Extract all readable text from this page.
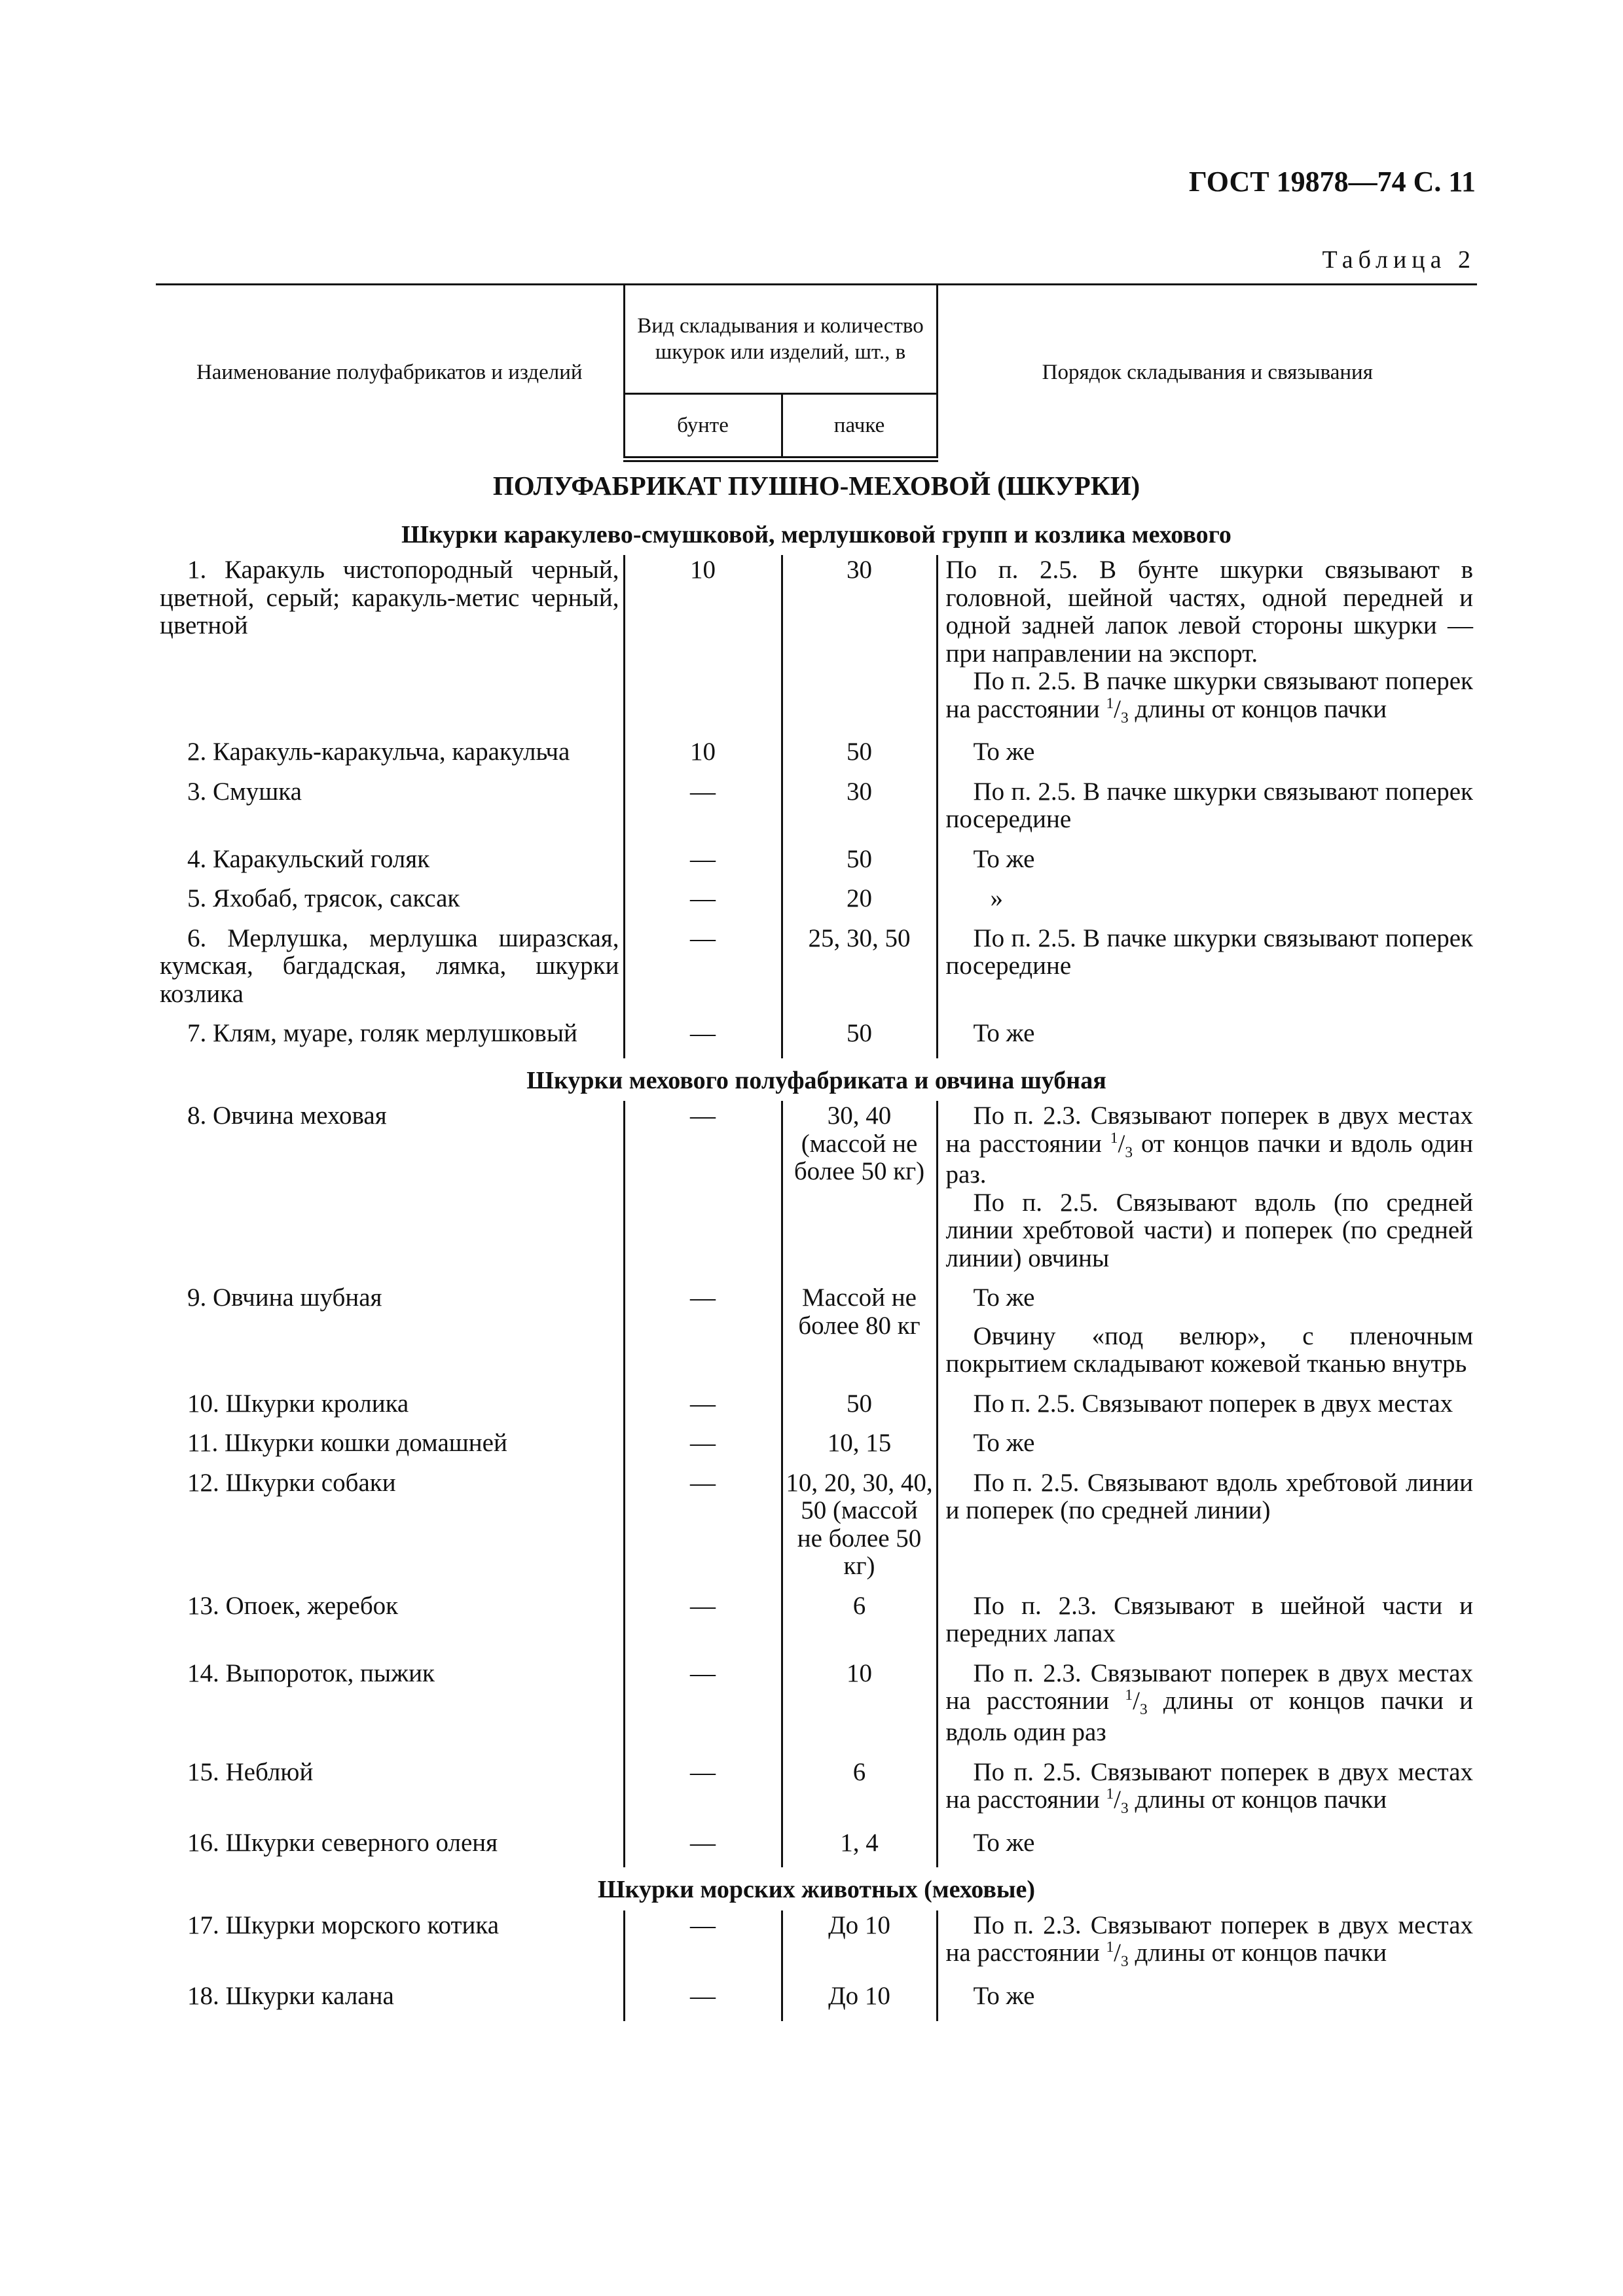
ГОСТ 19878—74 С. 11
Таблица 2
Наименование полуфабрикатов и изделий	Вид складывания и количество шкурок или изделий, шт., в		Порядок складывания и связывания
	бунте	пачке	
ПОЛУФАБРИКАТ ПУШНО-МЕХОВОЙ (ШКУРКИ)			
Шкурки каракулево-смушковой, мерлушковой групп и козлика мехового			
1. Каракуль чистопородный черный, цветной, серый; каракуль-метис черный, цветной	10	30	По п. 2.5. В бунте шкурки связывают в головной, шейной частях, одной передней и одной задней лапок левой стороны шкурки — при направлении на экспорт.

По п. 2.5. В пачке шкурки связывают поперек на расстоянии $^1/_3$ длины от концов пачки

2. Каракуль-каракульча, каракульча	10	50	То же
3. Смушка	—	30	По п. 2.5. В пачке шкурки связывают поперек посередине
4. Каракульский голяк	—	50	То же
5. Яхобаб, трясок, саксак	—	20	»
6. Мерлушка, мерлушка ширазская, кумская, багдадская, лямка, шкурки козлика	—	25, 30, 50	По п. 2.5. В пачке шкурки связывают поперек посередине
7. Клям, муаре, голяк мерлушковый	—	50	То же
Шкурки мехового полуфабриката и овчина шубная			
8. Овчина меховая	—	30, 40 (массой не более 50 кг)	По п. 2.3. Связывают поперек в двух местах на расстоянии $^1/_3$ от концов пачки и вдоль один раз.

По п. 2.5. Связывают вдоль (по средней линии хребтовой части) и поперек (по средней линии) овчины

9. Овчина шубная	—	Массой не более 80 кг	То же

Овчину «под велюр», с пленочным покрытием складывают кожевой тканью внутрь

10. Шкурки кролика	—	50	По п. 2.5. Связывают поперек в двух местах
11. Шкурки кошки домашней	—	10, 15	То же
12. Шкурки собаки	—	10, 20, 30, 40, 50 (массой не более 50 кг)	По п. 2.5. Связывают вдоль хребтовой линии и поперек (по средней линии)
13. Опоек, жеребок	—	6	По п. 2.3. Связывают в шейной части и передних лапах
14. Выпороток, пыжик	—	10	По п. 2.3. Связывают поперек в двух местах на расстоянии $^1/_3$ длины от концов пачки и вдоль один раз
15. Неблюй	—	6	По п. 2.5. Связывают поперек в двух местах на расстоянии $^1/_3$ длины от концов пачки
16. Шкурки северного оленя	—	1, 4	То же
Шкурки морских животных (меховые)			
17. Шкурки морского котика	—	До 10	По п. 2.3. Связывают поперек в двух местах на расстоянии $^1/_3$ длины от концов пачки
18. Шкурки калана	—	До 10	То же
